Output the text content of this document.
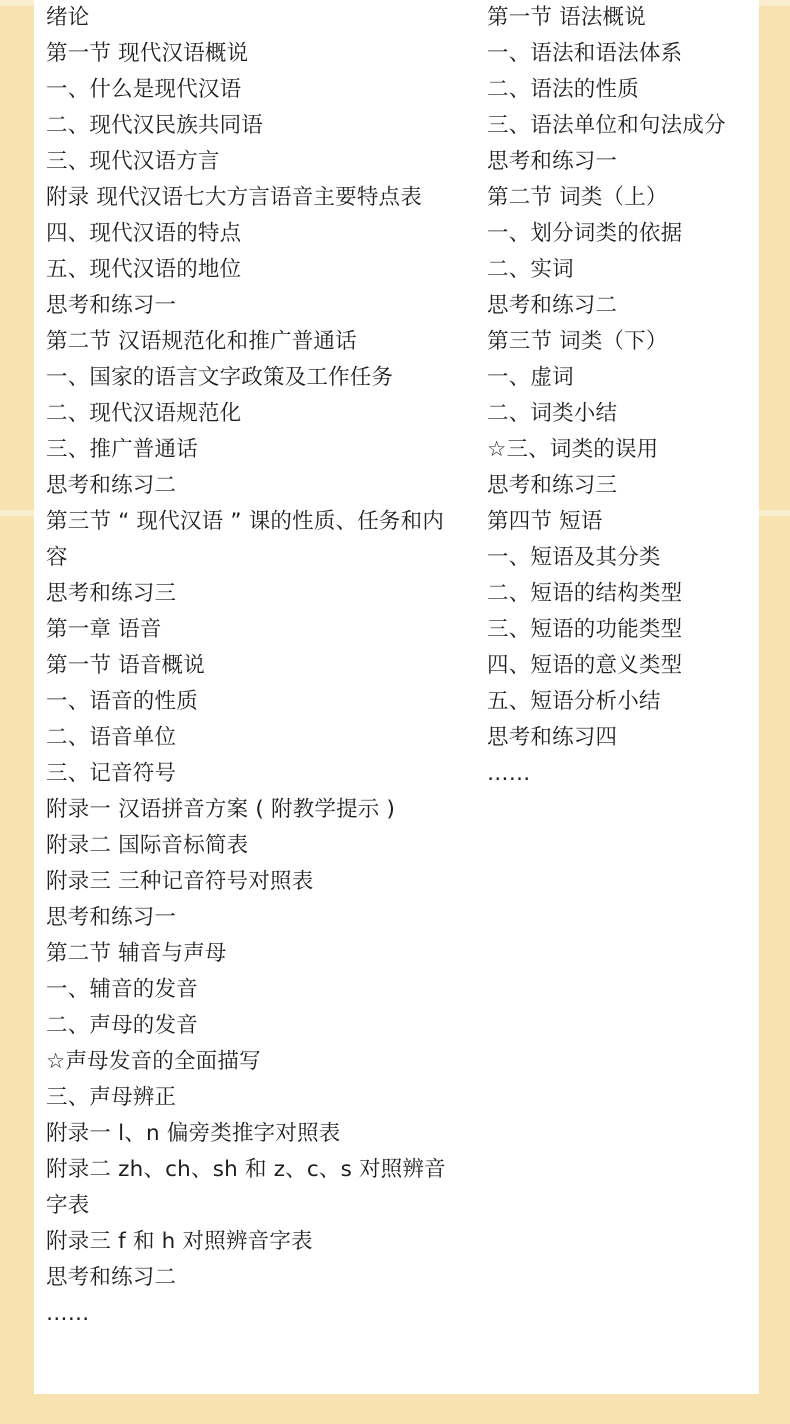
绪论
第一节 现代汉语概说
一、什么是现代汉语
二、现代汉民族共同语
三、现代汉语方言
附录 现代汉语七大方言语音主要特点表
四、现代汉语的特点
五、现代汉语的地位
思考和练习一
第二节 汉语规范化和推广普通话
一、国家的语言文字政策及工作任务
二、现代汉语规范化
三、推广普通话
思考和练习二
第三节 “ 现代汉语 ” 课的性质、任务和内容
思考和练习三
第一章 语音
第一节 语音概说
一、语音的性质
二、语音单位
三、记音符号
附录一 汉语拼音方案 ( 附教学提示 )
附录二 国际音标简表
附录三 三种记音符号对照表
思考和练习一
第二节 辅音与声母
一、辅音的发音
二、声母的发音
☆声母发音的全面描写
三、声母辨正
附录一 l、n 偏旁类推字对照表
附录二 zh、ch、sh 和 z、c、s 对照辨音字表
附录三 f 和 h 对照辨音字表
思考和练习二
……
第一节 语法概说
一、语法和语法体系
二、语法的性质
三、语法单位和句法成分
思考和练习一
第二节 词类（上）
一、划分词类的依据
二、实词
思考和练习二
第三节 词类（下）
一、虚词
二、词类小结
☆三、词类的误用
思考和练习三
第四节 短语
一、短语及其分类
二、短语的结构类型
三、短语的功能类型
四、短语的意义类型
五、短语分析小结
思考和练习四
……
